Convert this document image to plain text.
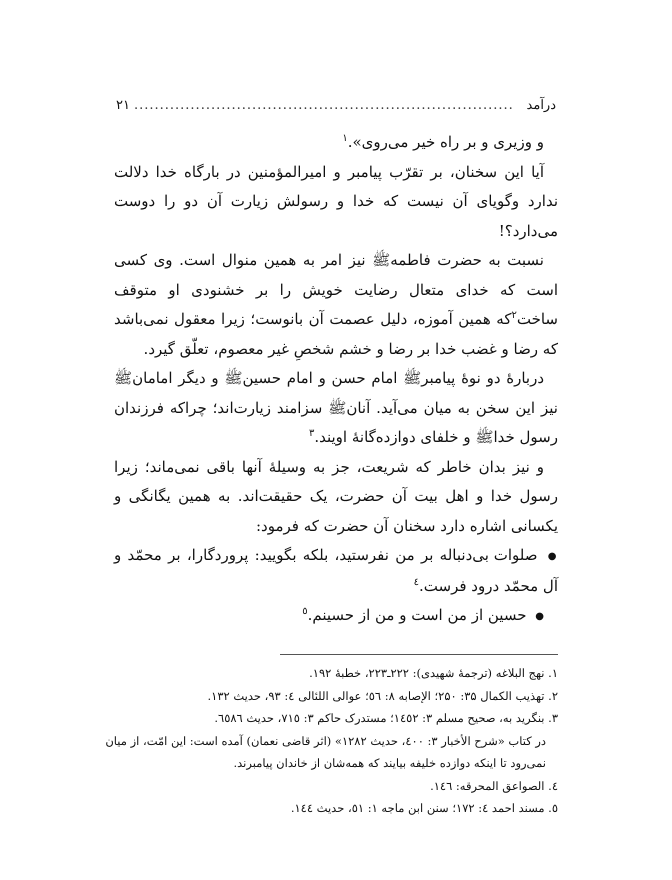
درآمد
..........................................................................
۲۱

و وزیری و بر راه خیر می‌روی».$^۱$

آیا این سخنان، بر تقرّب پیامبر و امیرالمؤمنین در بارگاه خدا دلالت ندارد وگویای آن نیست که خدا و رسولش زیارت آن دو را دوست می‌دارد؟!

نسبت به حضرت فاطمهﷺ نیز امر به همین منوال است. وی کسی است که خدای متعال رضایت خویش را بر خشنودی او متوقف ساخت$^۲$که همین آموزه، دلیل عصمت آن بانوست؛ زیرا معقول نمی‌باشد که رضا و غضب خدا بر رضا و خشم شخصِ غیر معصوم، تعلّق گیرد.

دربارهٔ دو نوهٔ پیامبرﷺ امام حسن و امام حسینﷺ و دیگر امامانﷺ نیز این سخن به میان می‌آید. آنانﷺ سزامند زیارت‌اند؛ چراکه فرزندان رسول خداﷺ و خلفای دوازده‌گانهٔ اویند.$^۳$

و نیز بدان خاطر که شریعت، جز به وسیلهٔ آنها باقی نمی‌ماند؛ زیرا رسول خدا و اهل بیت آن حضرت، یک حقیقت‌اند. به همین یگانگی و یکسانی اشاره دارد سخنان آن حضرت که فرمود:

● صلوات بی‌دنباله بر من نفرستید، بلکه بگویید: پروردگارا، بر محمّد و آل محمّد درود فرست.$^٤$

● حسین از من است و من از حسینم.$^٥$

۱. نهج البلاغه (ترجمهٔ شهیدی): ۲۲۲ـ۲۲۳، خطبهٔ ۱۹۲.
۲. تهذیب الکمال ۳۵: ۲۵۰؛ الإصابه ۸: ٥٦؛ عوالی اللئالی ٤: ۹۳، حدیث ۱۳۲.
۳. بنگرید به، صحیح مسلم ۳: ۱٤٥۲؛ مستدرک حاکم ۳: ۷۱٥، حدیث ٦٥۸٦.
در کتاب «شرح الأخبار ۳: ٤۰۰، حدیث ۱۲۸۲» (اثر قاضی نعمان) آمده است: این امّت، از میان
نمی‌رود تا اینکه دوازده خلیفه بیایند که همه‌شان از خاندان پیامبرند.
٤. الصواعق المحرقه: ۱٤٦.
٥. مسند احمد ٤: ۱۷۲؛ سنن ابن ماجه ۱: ٥۱، حدیث ۱٤٤.
